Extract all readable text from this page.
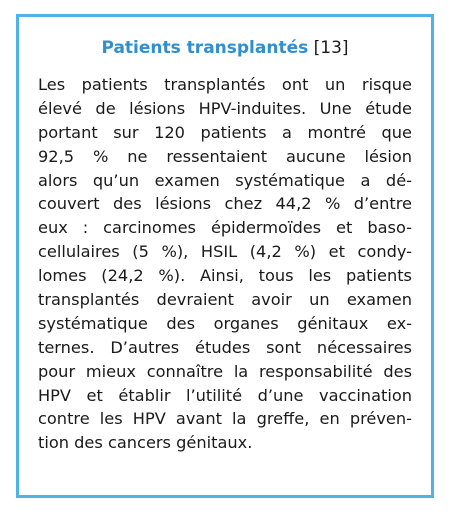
Patients transplantés [13]
Les patients transplantés ont un risque
élevé de lésions HPV-induites. Une étude
portant sur 120 patients a montré que
92,5 % ne ressentaient aucune lésion
alors qu’un examen systématique a dé-
couvert des lésions chez 44,2 % d’entre
eux : carcinomes épidermoïdes et baso-
cellulaires (5 %), HSIL (4,2 %) et condy-
lomes (24,2 %). Ainsi, tous les patients
transplantés devraient avoir un examen
systématique des organes génitaux ex-
ternes. D’autres études sont nécessaires
pour mieux connaître la responsabilité des
HPV et établir l’utilité d’une vaccination
contre les HPV avant la greffe, en préven-
tion des cancers génitaux.
